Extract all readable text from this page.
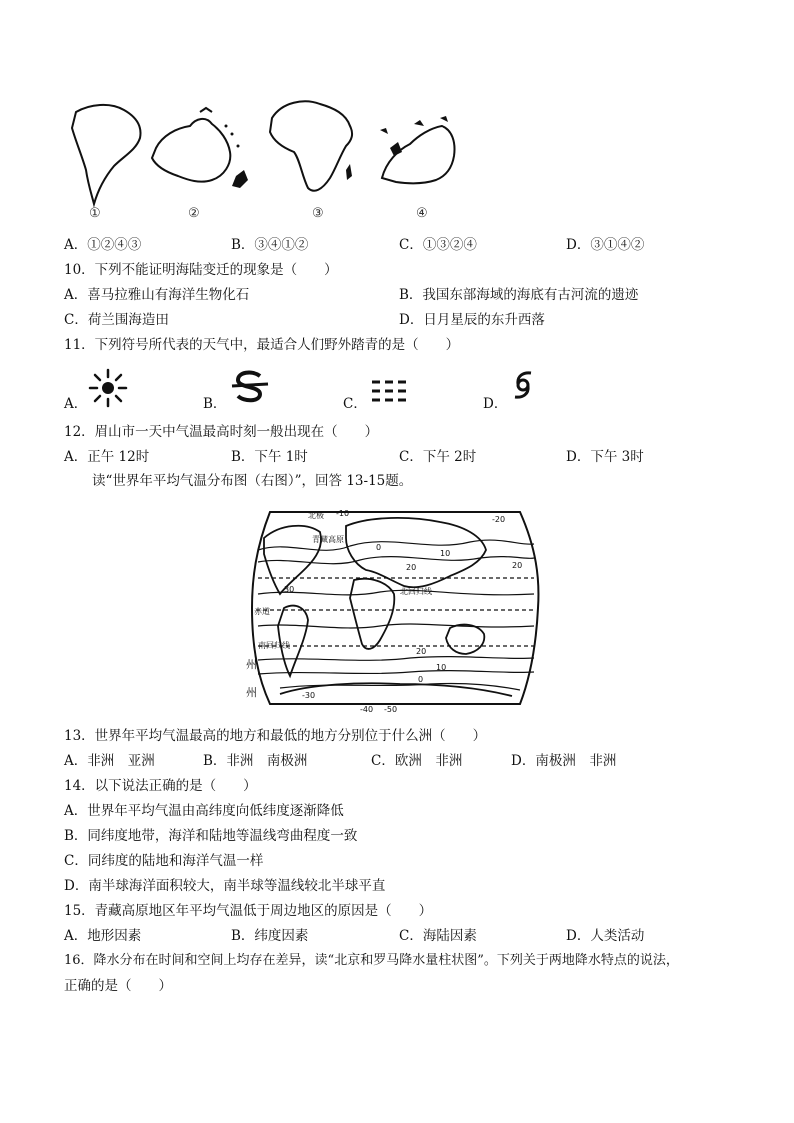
①	②	③	④
A．①②④③	B．③④①②	C．①③②④	D．③①④②
10．下列不能证明海陆变迁的现象是（　　）
A．喜马拉雅山有海洋生物化石	B．我国东部海域的海底有古河流的遗迹
C．荷兰围海造田	D．日月星辰的东升西落
11．下列符号所代表的天气中，最适合人们野外踏青的是（　　）
A．	B．	C．	D．
12．眉山市一天中气温最高时刻一般出现在（　　）
A．正午 12时	B．下午 1时	C．下午 2时	D．下午 3时
读“世界年平均气温分布图（右图）”，回答 13-15题。
北极
青藏高原
北回归线
赤道
南回归线
-10
0
10
20
30
20
-20
20
10
0
-30
-40 -50
州
州
13．世界年平均气温最高的地方和最低的地方分别位于什么洲（　　）
A．非洲　亚洲	B．非洲　南极洲	C．欧洲　非洲	D．南极洲　非洲
14．以下说法正确的是（　　）
A．世界年平均气温由高纬度向低纬度逐渐降低
B．同纬度地带，海洋和陆地等温线弯曲程度一致
C．同纬度的陆地和海洋气温一样
D．南半球海洋面积较大，南半球等温线较北半球平直
15．青藏高原地区年平均气温低于周边地区的原因是（　　）
A．地形因素	B．纬度因素	C．海陆因素	D．人类活动
16．降水分布在时间和空间上均存在差异，读“北京和罗马降水量柱状图”。下列关于两地降水特点的说法，
正确的是（　　）
